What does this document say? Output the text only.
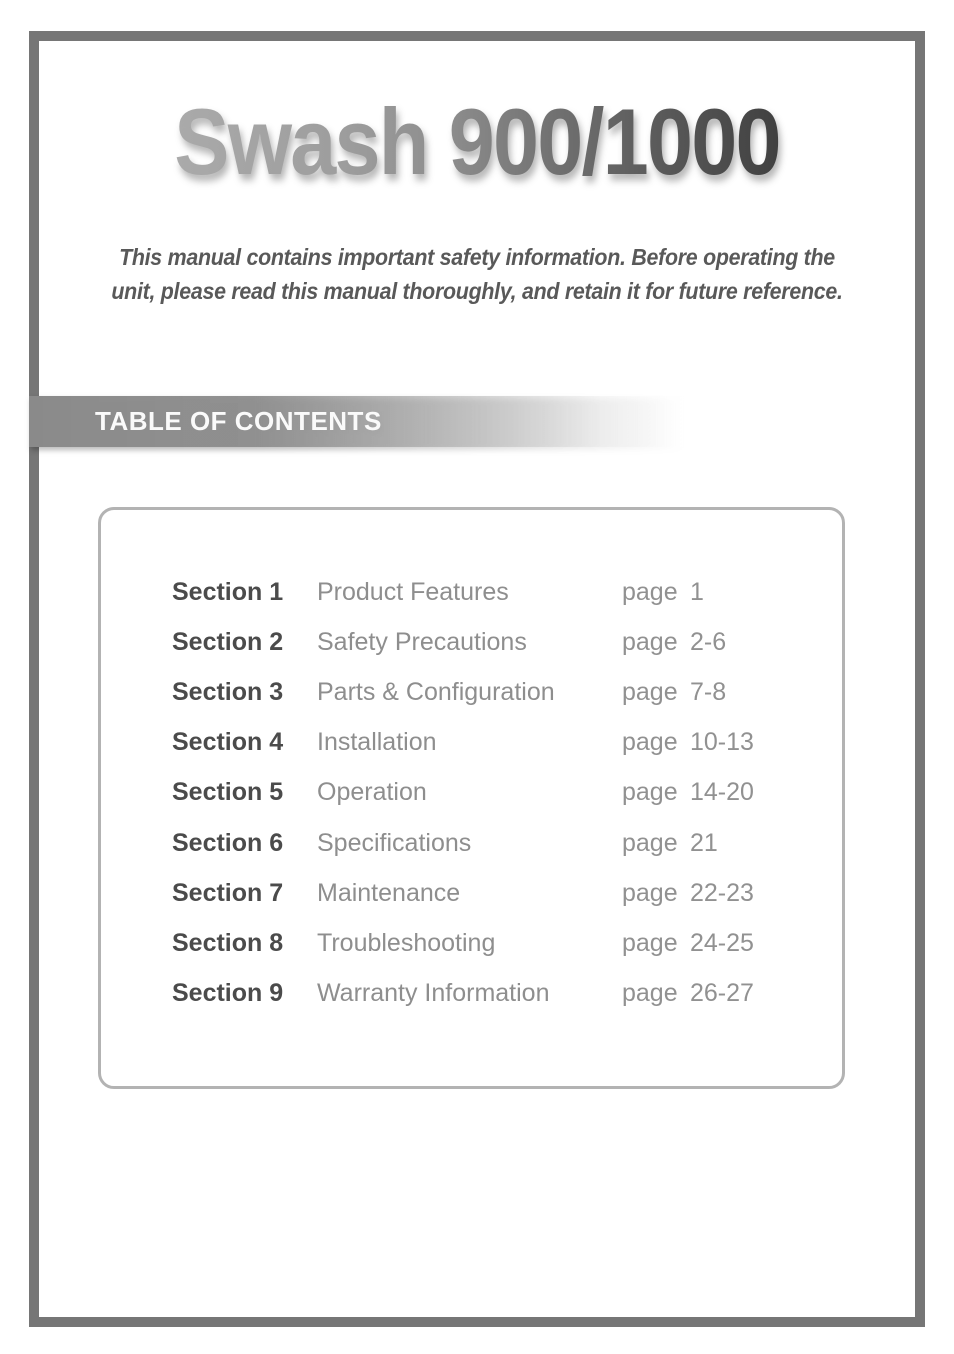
Swash 900/1000
This manual contains important safety information. Before operating the
unit, please read this manual thoroughly, and retain it for future reference.
TABLE OF CONTENTS
Section 1	Product Features	page 1
Section 2	Safety Precautions	page 2-6
Section 3	Parts & Configuration	page 7-8
Section 4	Installation	page 10-13
Section 5	Operation	page 14-20
Section 6	Specifications	page 21
Section 7	Maintenance	page 22-23
Section 8	Troubleshooting	page 24-25
Section 9	Warranty Information	page 26-27
